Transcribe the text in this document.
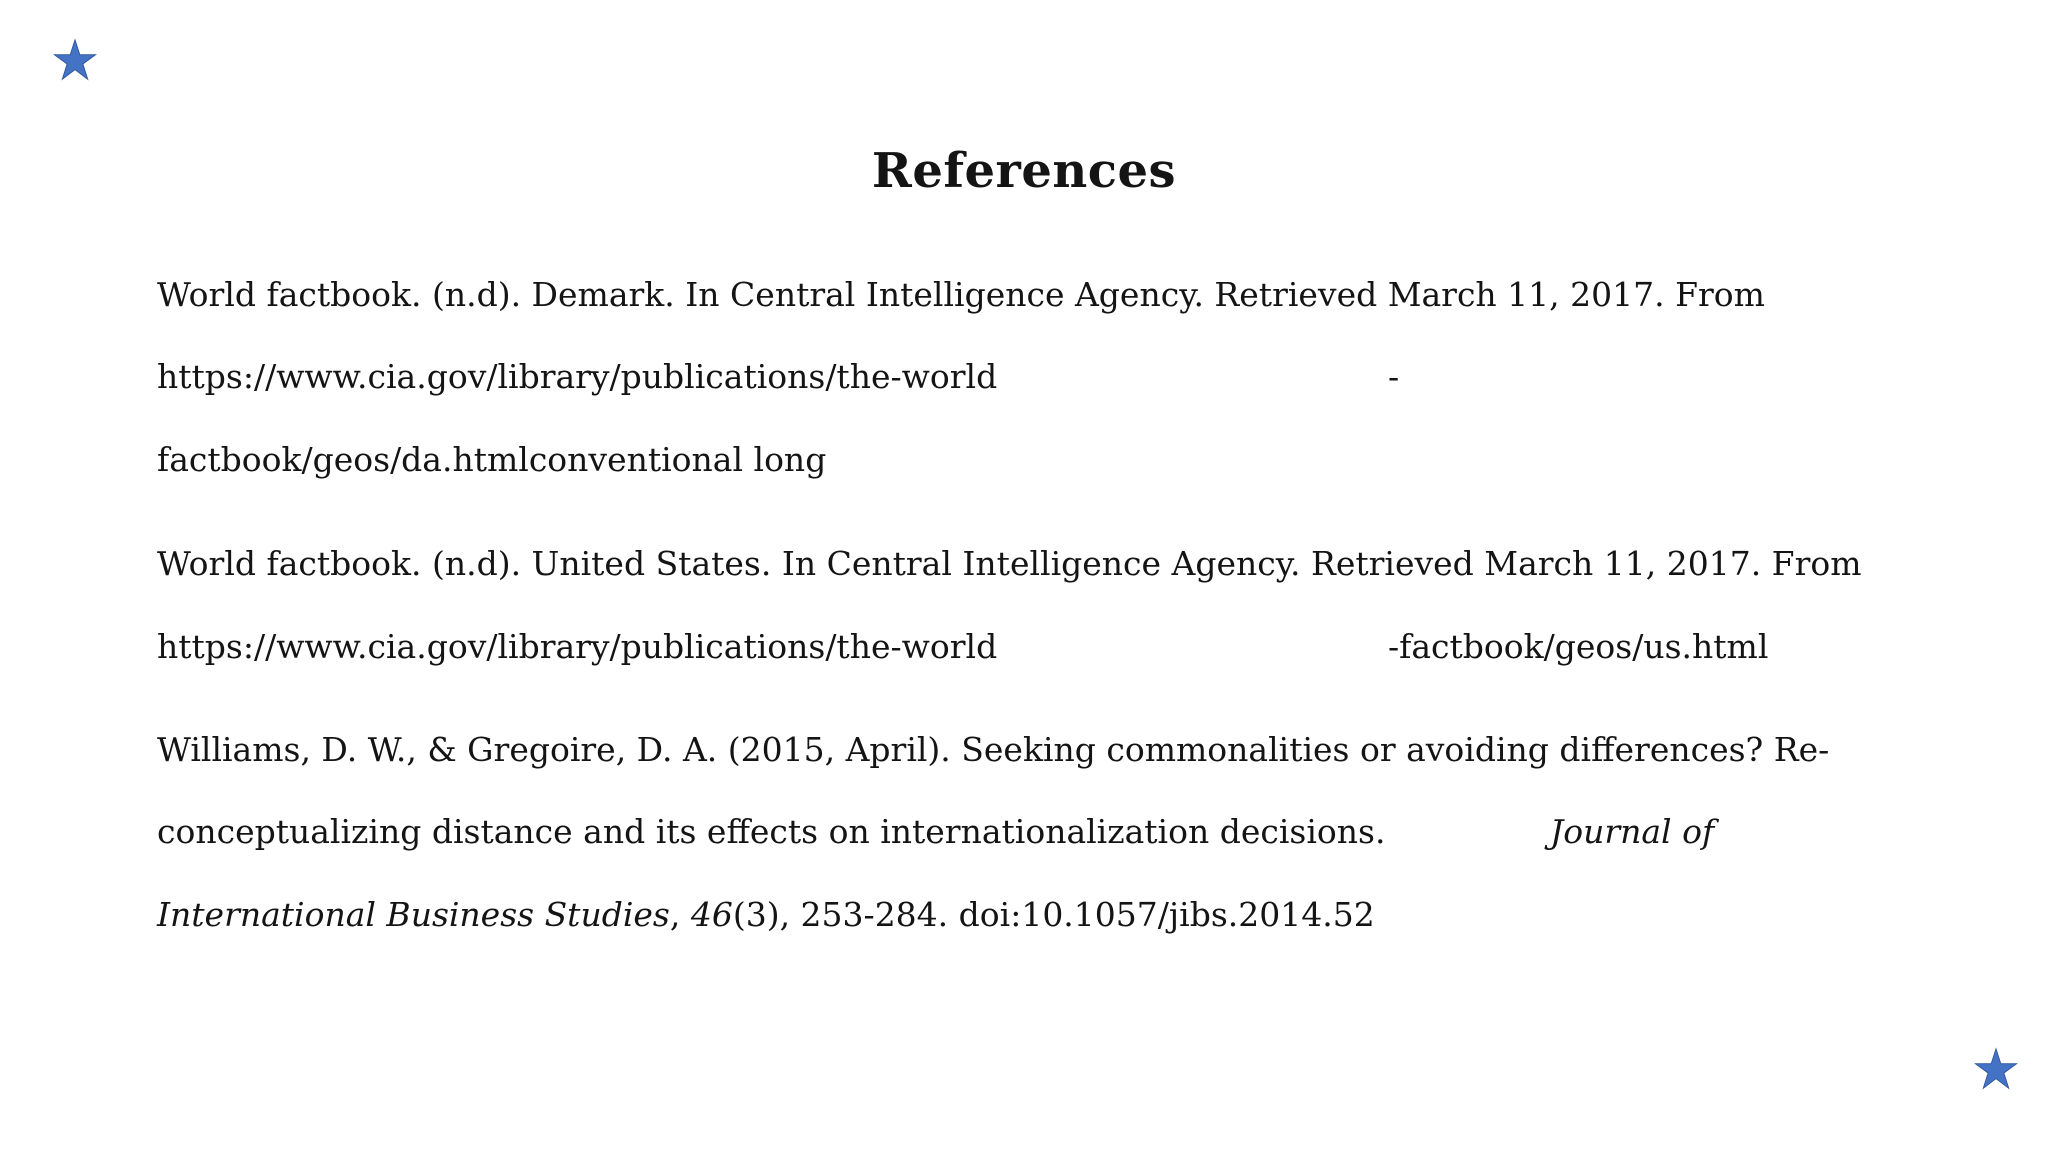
References
World factbook. (n.d). Demark. In Central Intelligence Agency. Retrieved March 11, 2017. From
https://www.cia.gov/library/publications/the-world	-
factbook/geos/da.htmlconventional long
World factbook. (n.d). United States. In Central Intelligence Agency. Retrieved March 11, 2017. From
https://www.cia.gov/library/publications/the-world	-factbook/geos/us.html
Williams, D. W., & Gregoire, D. A. (2015, April). Seeking commonalities or avoiding differences? Re-
conceptualizing distance and its effects on internationalization decisions.	Journal of
International Business Studies, 46(3), 253-284. doi:10.1057/jibs.2014.52
